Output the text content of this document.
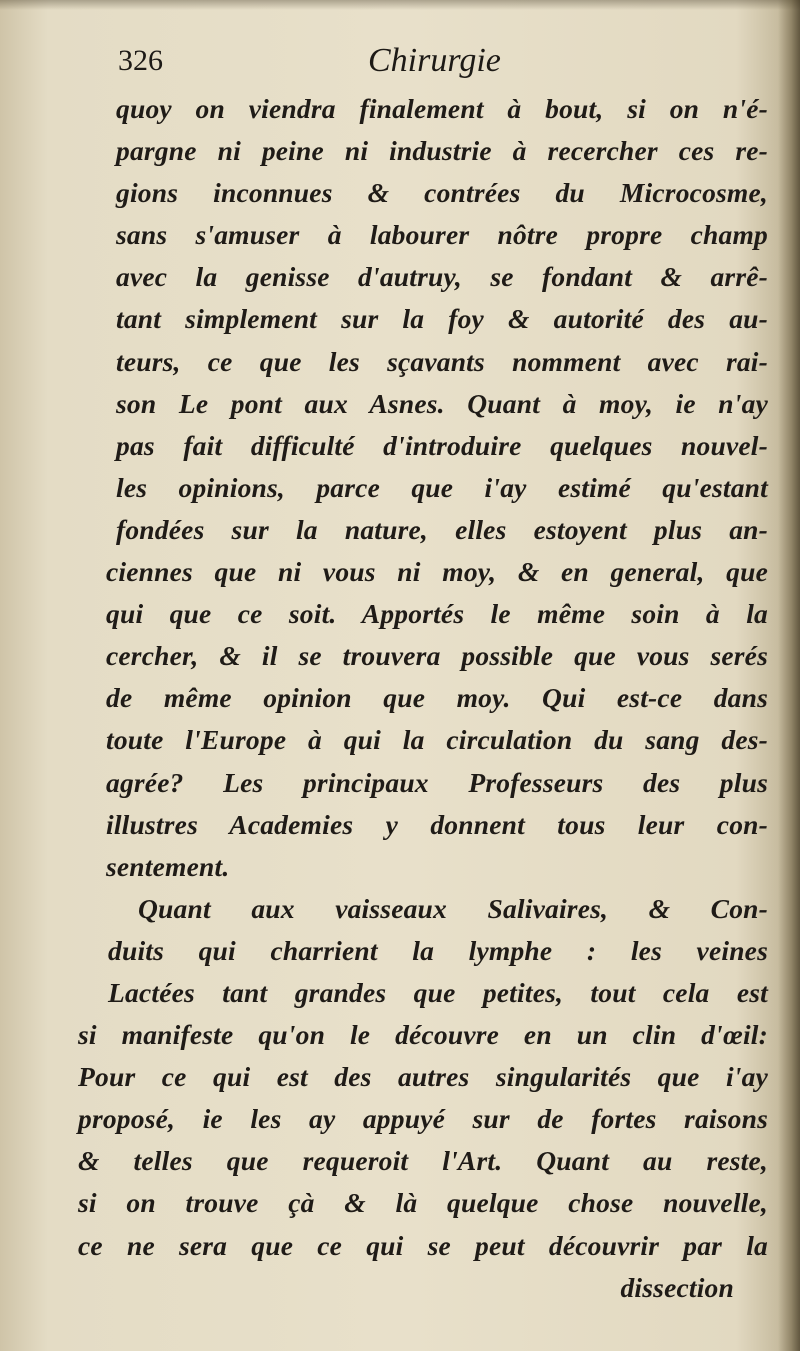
326	Chirurgie
quoy on viendra finalement à bout, si on n'é-
pargne ni peine ni industrie à recercher ces re-
gions inconnues & contrées du Microcosme,
sans s'amuser à labourer nôtre propre champ
avec la genisse d'autruy, se fondant & arrê-
tant simplement sur la foy & autorité des au-
teurs, ce que les sçavants nomment avec rai-
son Le pont aux Asnes. Quant à moy, ie n'ay
pas fait difficulté d'introduire quelques nouvel-
les opinions, parce que i'ay estimé qu'estant
fondées sur la nature, elles estoyent plus an-
ciennes que ni vous ni moy, & en general, que
qui que ce soit. Apportés le même soin à la
cercher, & il se trouvera possible que vous serés
de même opinion que moy. Qui est-ce dans
toute l'Europe à qui la circulation du sang des-
agrée? Les principaux Professeurs des plus
illustres Academies y donnent tous leur con-
sentement.
Quant aux vaisseaux Salivaires, & Con-
duits qui charrient la lymphe : les veines
Lactées tant grandes que petites, tout cela est
si manifeste qu'on le découvre en un clin d'œil:
Pour ce qui est des autres singularités que i'ay
proposé, ie les ay appuyé sur de fortes raisons
& telles que requeroit l'Art. Quant au reste,
si on trouve çà & là quelque chose nouvelle,
ce ne sera que ce qui se peut découvrir par la
dissection
